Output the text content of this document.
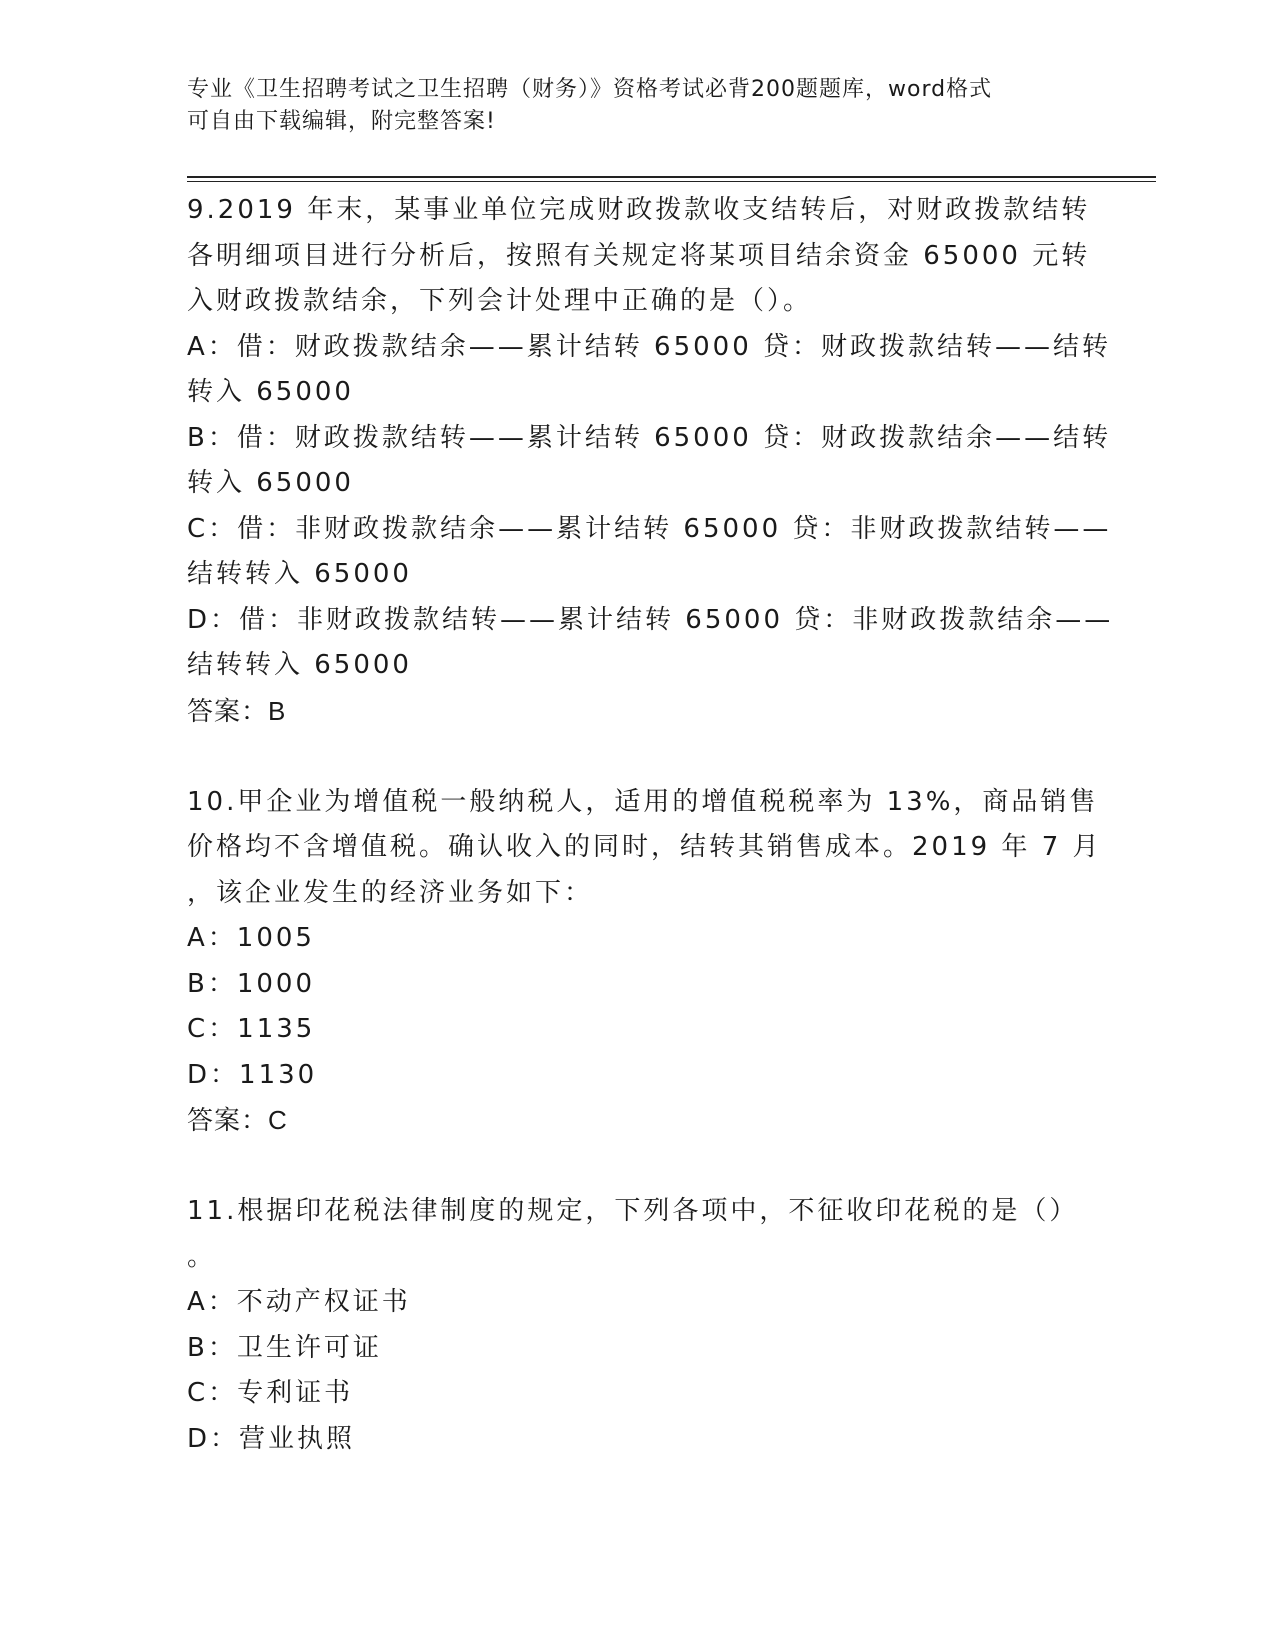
专业《卫生招聘考试之卫生招聘（财务）》资格考试必背200题题库，word格式

可自由下载编辑，附完整答案!

9.2019 年末，某事业单位完成财政拨款收支结转后，对财政拨款结转

各明细项目进行分析后，按照有关规定将某项目结余资金 65000 元转

入财政拨款结余，下列会计处理中正确的是（）。

A：借：财政拨款结余——累计结转 65000 贷：财政拨款结转——结转

转入 65000

B：借：财政拨款结转——累计结转 65000 贷：财政拨款结余——结转

转入 65000

C：借：非财政拨款结余——累计结转 65000 贷：非财政拨款结转——

结转转入 65000

D：借：非财政拨款结转——累计结转 65000 贷：非财政拨款结余——

结转转入 65000

答案：B

10.甲企业为增值税一般纳税人，适用的增值税税率为 13%，商品销售

价格均不含增值税。确认收入的同时，结转其销售成本。2019 年 7 月

，该企业发生的经济业务如下：

A：1005

B：1000

C：1135

D：1130

答案：C

11.根据印花税法律制度的规定，下列各项中，不征收印花税的是（）

。

A：不动产权证书

B：卫生许可证

C：专利证书

D：营业执照
